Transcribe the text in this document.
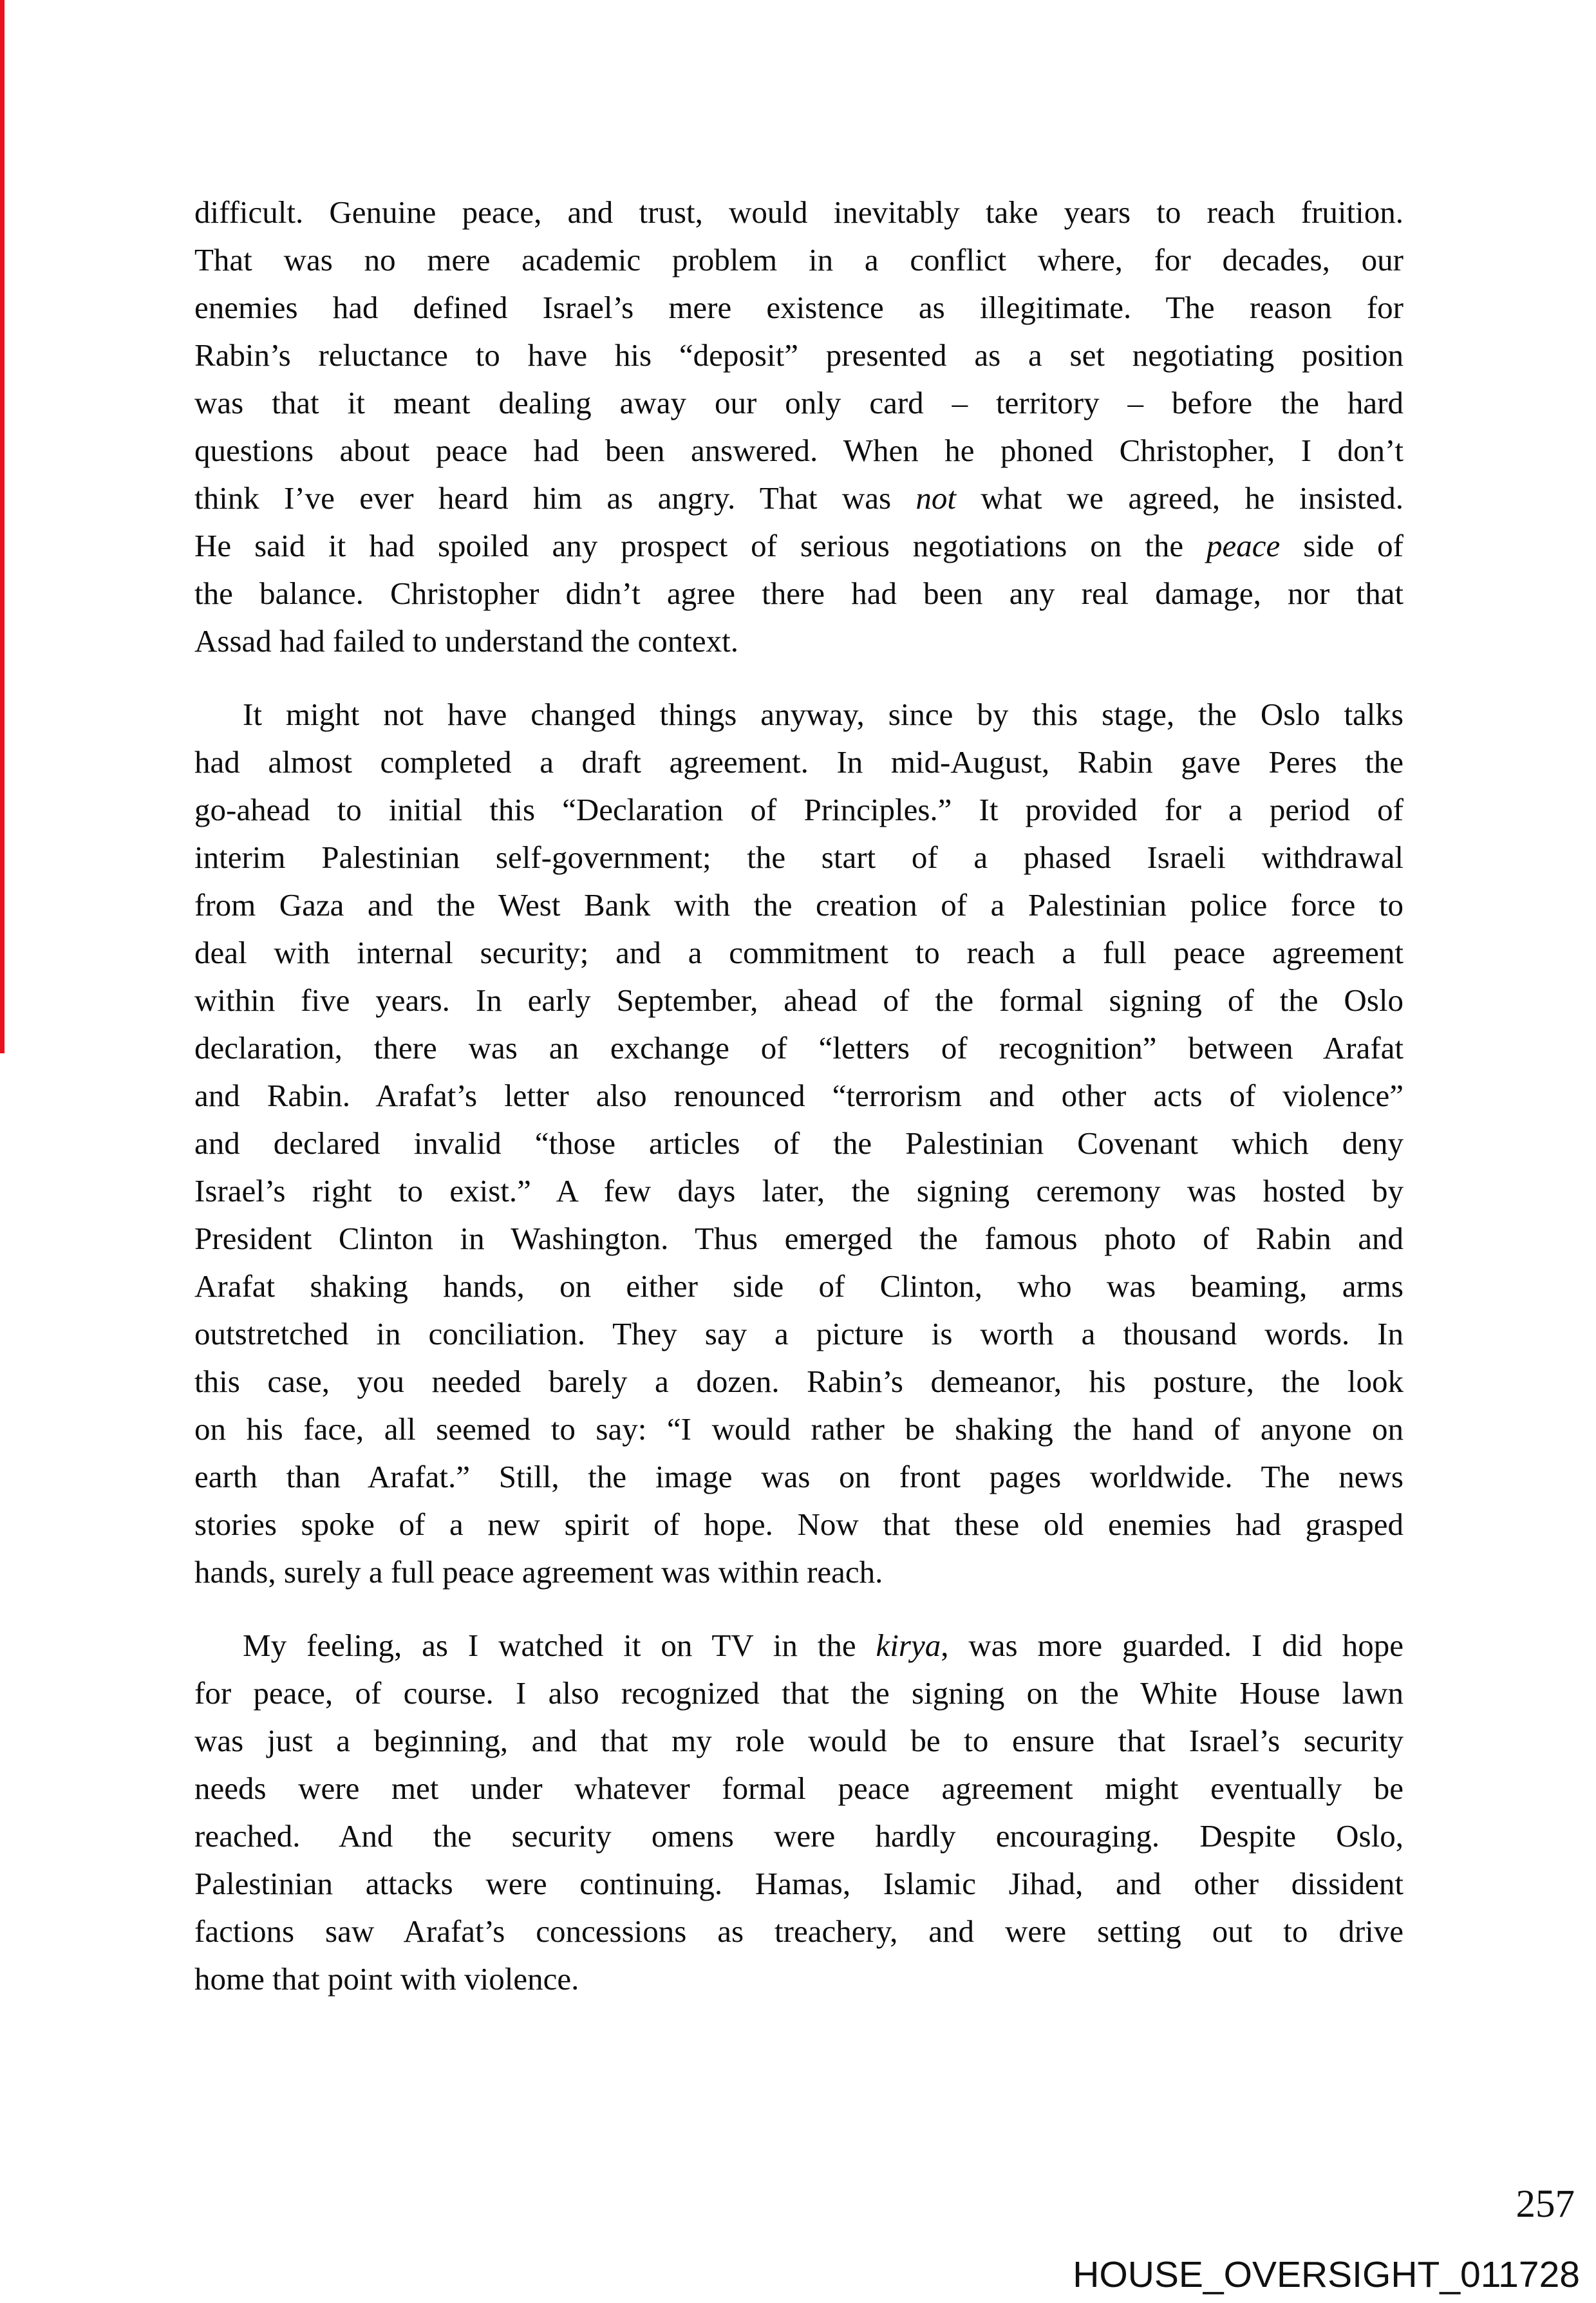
difficult. Genuine peace, and trust, would inevitably take years to reach fruition.
That was no mere academic problem in a conflict where, for decades, our
enemies had defined Israel’s mere existence as illegitimate. The reason for
Rabin’s reluctance to have his “deposit” presented as a set negotiating position
was that it meant dealing away our only card – territory – before the hard
questions about peace had been answered. When he phoned Christopher, I don’t
think I’ve ever heard him as angry. That was not what we agreed, he insisted.
He said it had spoiled any prospect of serious negotiations on the peace side of
the balance. Christopher didn’t agree there had been any real damage, nor that
Assad had failed to understand the context.
It might not have changed things anyway, since by this stage, the Oslo talks
had almost completed a draft agreement. In mid-August, Rabin gave Peres the
go-ahead to initial this “Declaration of Principles.” It provided for a period of
interim Palestinian self-government; the start of a phased Israeli withdrawal
from Gaza and the West Bank with the creation of a Palestinian police force to
deal with internal security; and a commitment to reach a full peace agreement
within five years. In early September, ahead of the formal signing of the Oslo
declaration, there was an exchange of “letters of recognition” between Arafat
and Rabin. Arafat’s letter also renounced “terrorism and other acts of violence”
and declared invalid “those articles of the Palestinian Covenant which deny
Israel’s right to exist.” A few days later, the signing ceremony was hosted by
President Clinton in Washington. Thus emerged the famous photo of Rabin and
Arafat shaking hands, on either side of Clinton, who was beaming, arms
outstretched in conciliation. They say a picture is worth a thousand words. In
this case, you needed barely a dozen. Rabin’s demeanor, his posture, the look
on his face, all seemed to say: “I would rather be shaking the hand of anyone on
earth than Arafat.” Still, the image was on front pages worldwide. The news
stories spoke of a new spirit of hope. Now that these old enemies had grasped
hands, surely a full peace agreement was within reach.
My feeling, as I watched it on TV in the kirya, was more guarded. I did hope
for peace, of course. I also recognized that the signing on the White House lawn
was just a beginning, and that my role would be to ensure that Israel’s security
needs were met under whatever formal peace agreement might eventually be
reached. And the security omens were hardly encouraging. Despite Oslo,
Palestinian attacks were continuing. Hamas, Islamic Jihad, and other dissident
factions saw Arafat’s concessions as treachery, and were setting out to drive
home that point with violence.
257
HOUSE_OVERSIGHT_011728
